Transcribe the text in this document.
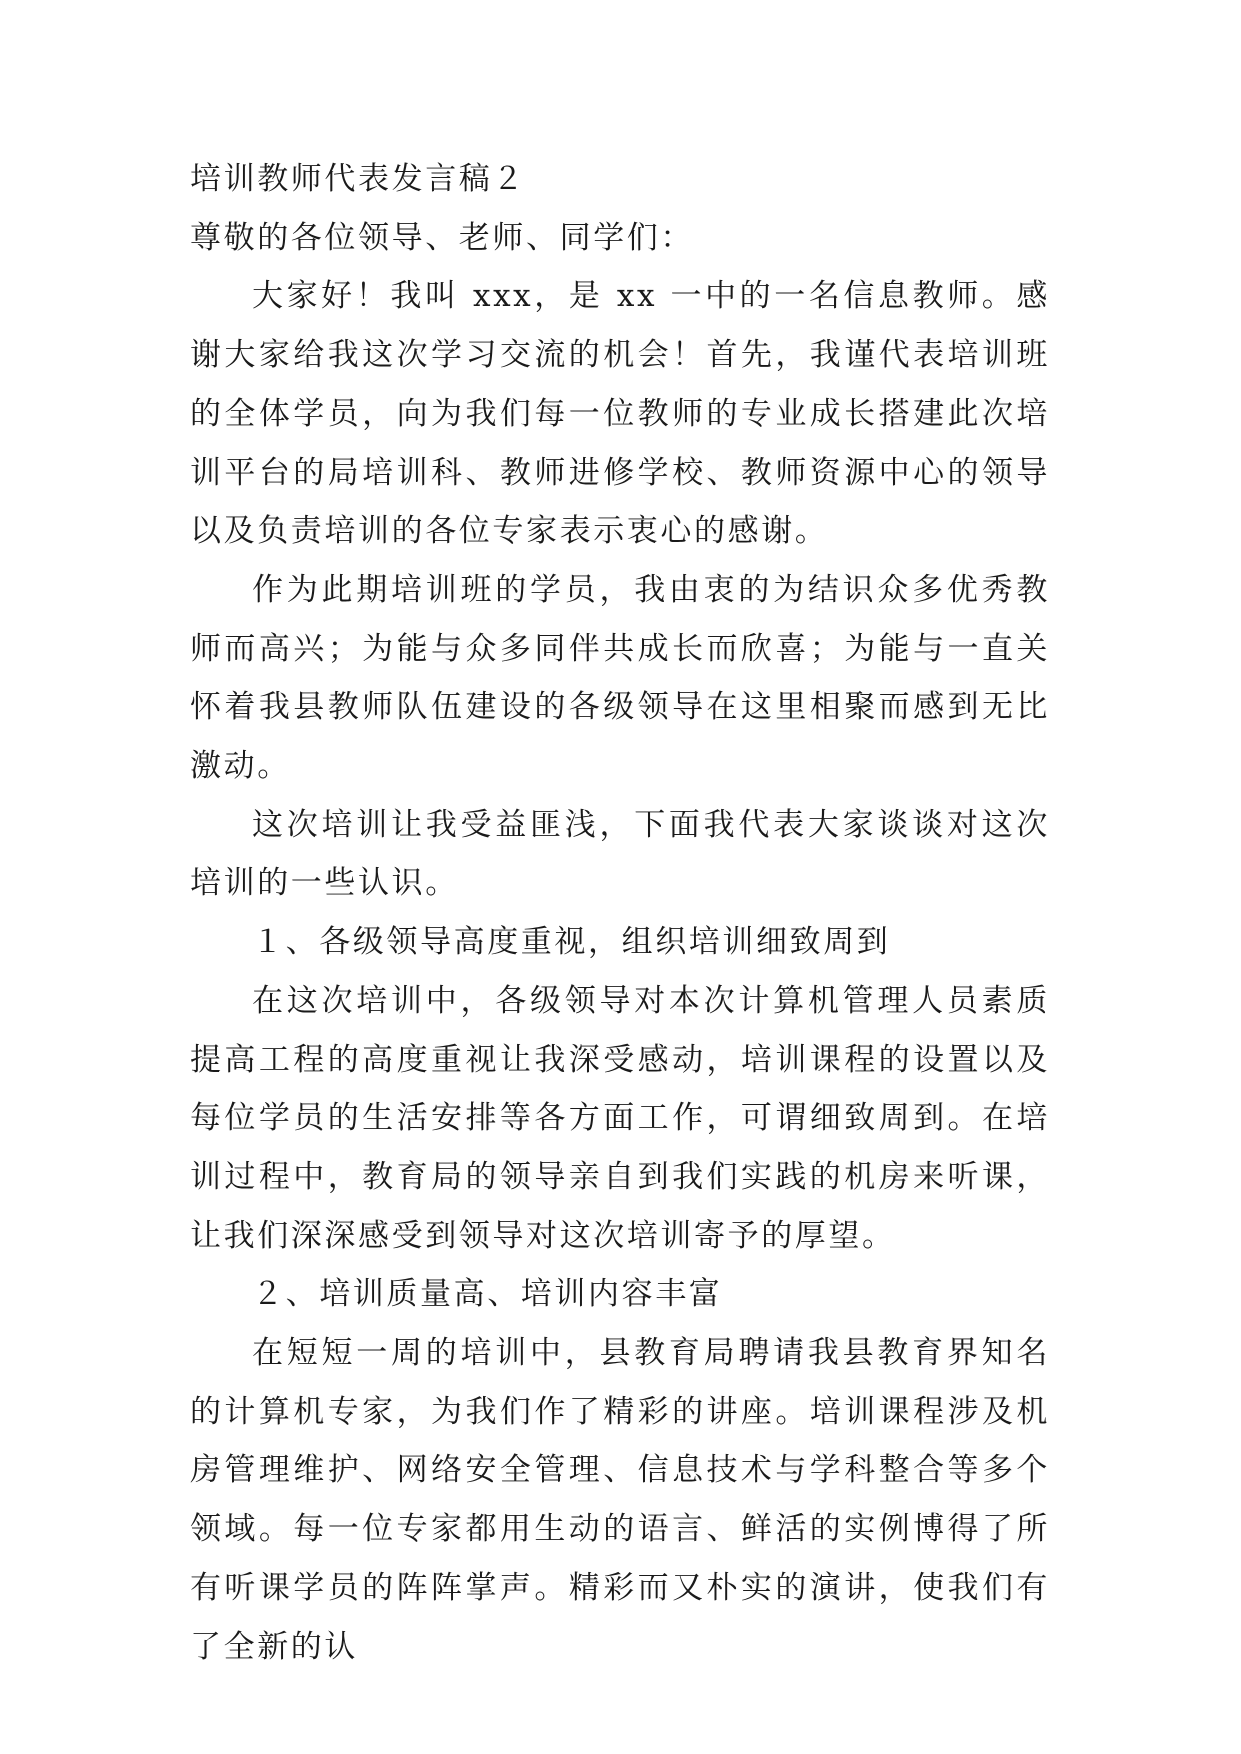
培训教师代表发言稿２

尊敬的各位领导、老师、同学们：

大家好！我叫 xxx，是 xx 一中的一名信息教师。感谢大家给我这次学习交流的机会！首先，我谨代表培训班的全体学员，向为我们每一位教师的专业成长搭建此次培训平台的局培训科、教师进修学校、教师资源中心的领导以及负责培训的各位专家表示衷心的感谢。

作为此期培训班的学员，我由衷的为结识众多优秀教师而高兴；为能与众多同伴共成长而欣喜；为能与一直关怀着我县教师队伍建设的各级领导在这里相聚而感到无比激动。

这次培训让我受益匪浅，下面我代表大家谈谈对这次培训的一些认识。

１、各级领导高度重视，组织培训细致周到

在这次培训中，各级领导对本次计算机管理人员素质提高工程的高度重视让我深受感动，培训课程的设置以及每位学员的生活安排等各方面工作，可谓细致周到。在培训过程中，教育局的领导亲自到我们实践的机房来听课，让我们深深感受到领导对这次培训寄予的厚望。

２、培训质量高、培训内容丰富

在短短一周的培训中，县教育局聘请我县教育界知名的计算机专家，为我们作了精彩的讲座。培训课程涉及机房管理维护、网络安全管理、信息技术与学科整合等多个领域。每一位专家都用生动的语言、鲜活的实例博得了所有听课学员的阵阵掌声。精彩而又朴实的演讲，使我们有了全新的认
